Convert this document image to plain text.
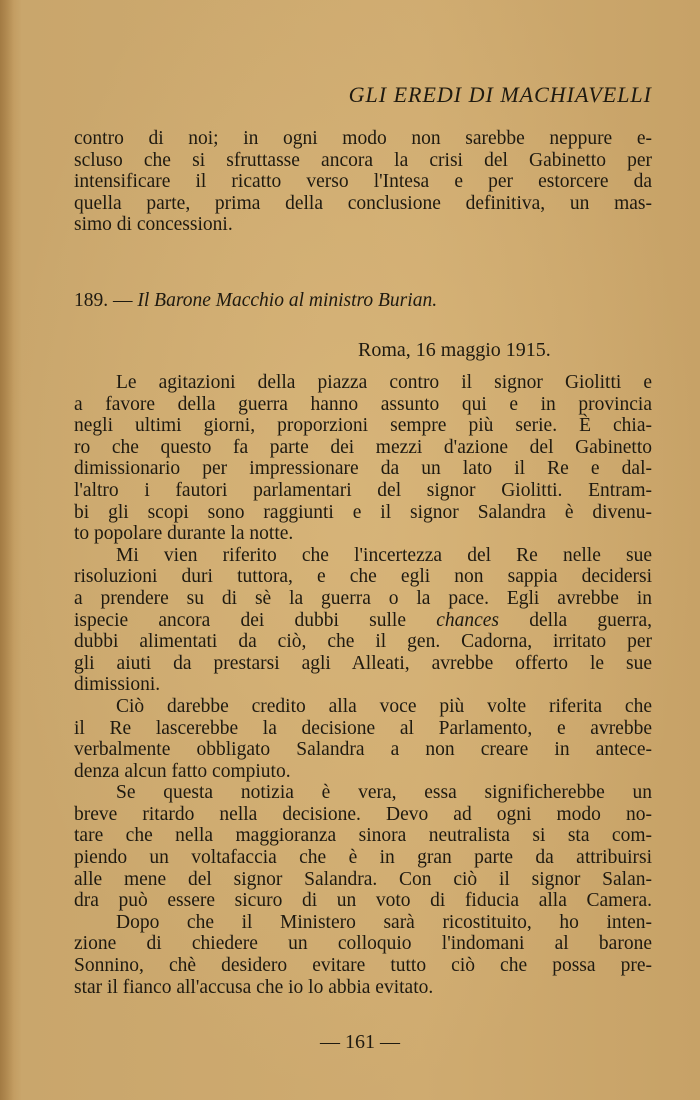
GLI EREDI DI MACHIAVELLI
contro di noi; in ogni modo non sarebbe neppure e-
scluso che si sfruttasse ancora la crisi del Gabinetto per
intensificare il ricatto verso l'Intesa e per estorcere da
quella parte, prima della conclusione definitiva, un mas-
simo di concessioni.
189. — Il Barone Macchio al ministro Burian.
Roma, 16 maggio 1915.
Le agitazioni della piazza contro il signor Giolitti e
a favore della guerra hanno assunto qui e in provincia
negli ultimi giorni, proporzioni sempre più serie. È chia-
ro che questo fa parte dei mezzi d'azione del Gabinetto
dimissionario per impressionare da un lato il Re e dal-
l'altro i fautori parlamentari del signor Giolitti. Entram-
bi gli scopi sono raggiunti e il signor Salandra è divenu-
to popolare durante la notte.
Mi vien riferito che l'incertezza del Re nelle sue
risoluzioni duri tuttora, e che egli non sappia decidersi
a prendere su di sè la guerra o la pace. Egli avrebbe in
ispecie ancora dei dubbi sulle chances della guerra,
dubbi alimentati da ciò, che il gen. Cadorna, irritato per
gli aiuti da prestarsi agli Alleati, avrebbe offerto le sue
dimissioni.
Ciò darebbe credito alla voce più volte riferita che
il Re lascerebbe la decisione al Parlamento, e avrebbe
verbalmente obbligato Salandra a non creare in antece-
denza alcun fatto compiuto.
Se questa notizia è vera, essa significherebbe un
breve ritardo nella decisione. Devo ad ogni modo no-
tare che nella maggioranza sinora neutralista si sta com-
piendo un voltafaccia che è in gran parte da attribuirsi
alle mene del signor Salandra. Con ciò il signor Salan-
dra può essere sicuro di un voto di fiducia alla Camera.
Dopo che il Ministero sarà ricostituito, ho inten-
zione di chiedere un colloquio l'indomani al barone
Sonnino, chè desidero evitare tutto ciò che possa pre-
star il fianco all'accusa che io lo abbia evitato.
— 161 —
